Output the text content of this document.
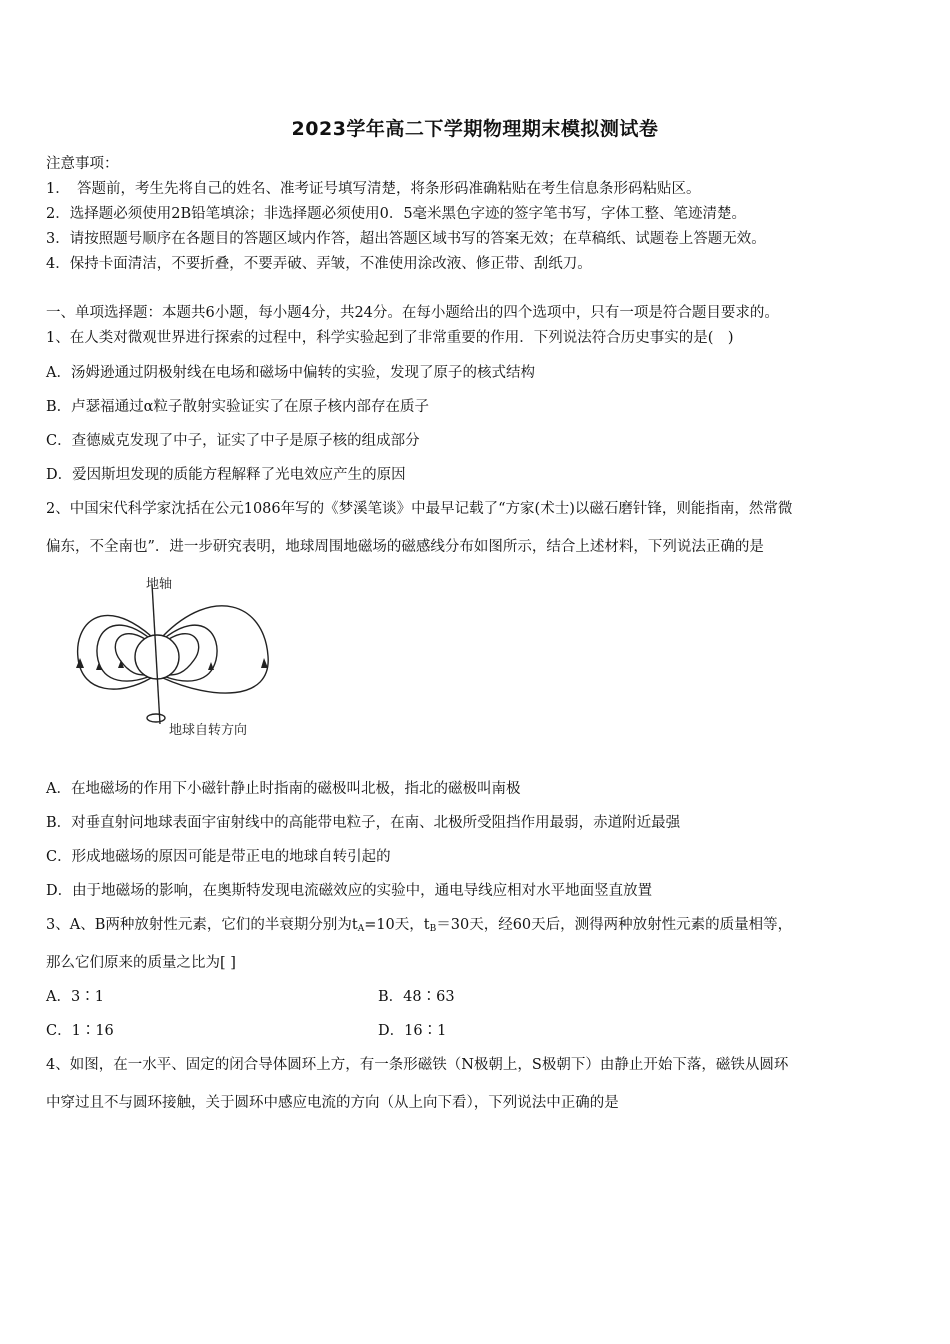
2023学年高二下学期物理期末模拟测试卷
注意事项：
1．　答题前，考生先将自己的姓名、准考证号填写清楚，将条形码准确粘贴在考生信息条形码粘贴区。
2．选择题必须使用2B铅笔填涂；非选择题必须使用0．5毫米黑色字迹的签字笔书写，字体工整、笔迹清楚。
3．请按照题号顺序在各题目的答题区域内作答，超出答题区域书写的答案无效；在草稿纸、试题卷上答题无效。
4．保持卡面清洁，不要折叠，不要弄破、弄皱，不准使用涂改液、修正带、刮纸刀。
一、单项选择题：本题共6小题，每小题4分，共24分。在每小题给出的四个选项中，只有一项是符合题目要求的。
1、在人类对微观世界进行探索的过程中，科学实验起到了非常重要的作用．下列说法符合历史事实的是(　)
A．汤姆逊通过阴极射线在电场和磁场中偏转的实验，发现了原子的核式结构
B．卢瑟福通过α粒子散射实验证实了在原子核内部存在质子
C．查德威克发现了中子，证实了中子是原子核的组成部分
D．爱因斯坦发现的质能方程解释了光电效应产生的原因
2、中国宋代科学家沈括在公元1086年写的《梦溪笔谈》中最早记载了“方家(术士)以磁石磨针锋，则能指南，然常微
偏东，不全南也”．进一步研究表明，地球周围地磁场的磁感线分布如图所示，结合上述材料，下列说法正确的是
地轴
地球自转方向
A．在地磁场的作用下小磁针静止时指南的磁极叫北极，指北的磁极叫南极
B．对垂直射问地球表面宇宙射线中的高能带电粒子，在南、北极所受阻挡作用最弱，赤道附近最强
C．形成地磁场的原因可能是带正电的地球自转引起的
D．由于地磁场的影响，在奥斯特发现电流磁效应的实验中，通电导线应相对水平地面竖直放置
3、A、B两种放射性元素，它们的半衰期分别为$t_A=10$天，$t_B=30$天，经60天后，测得两种放射性元素的质量相等，
那么它们原来的质量之比为[ ]
A．3∶1	B．48∶63
C．1∶16	D．16∶1
4、如图，在一水平、固定的闭合导体圆环上方，有一条形磁铁（N极朝上，S极朝下）由静止开始下落，磁铁从圆环
中穿过且不与圆环接触，关于圆环中感应电流的方向（从上向下看），下列说法中正确的是
